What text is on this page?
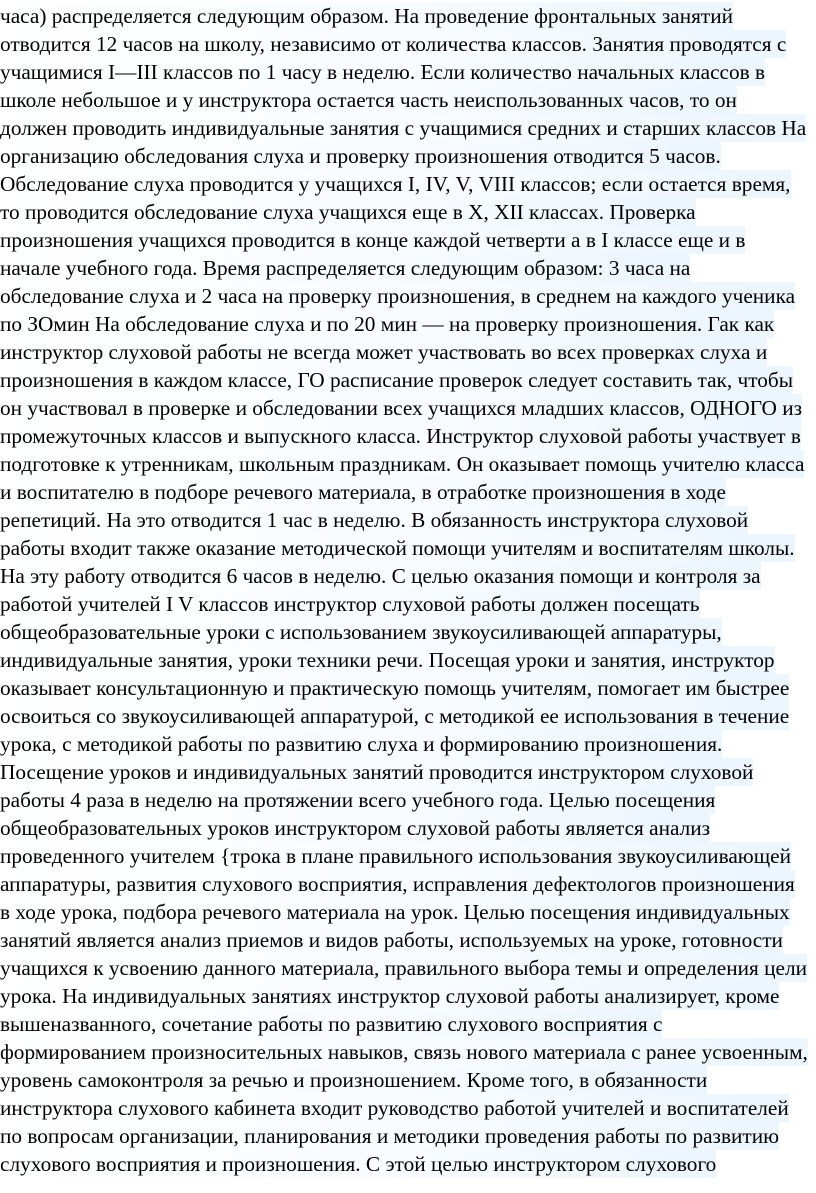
часа) распределяется следующим образом. На проведение фронтальных занятий
отводится 12 часов на школу, независимо от количества классов. Занятия проводятся с
учащимися I—III классов по 1 часу в неделю. Если количество начальных классов в
школе небольшое и у инструктора остается часть неиспользованных часов, то он
должен проводить индивидуальные занятия с учащимися средних и старших классов На
организацию обследования слуха и проверку произношения отводится 5 часов.
Обследование слуха проводится у учащихся I, IV, V, VIII классов; если остается время,
то проводится обследование слуха учащихся еще в X, XII классах. Проверка
произношения учащихся проводится в конце каждой четверти а в I классе еще и в
начале учебного года. Время распределяется следующим образом: 3 часа на
обследование слуха и 2 часа на проверку произношения, в среднем на каждого ученика
по ЗОмин На обследование слуха и по 20 мин — на проверку произношения. Гак как
инструктор слуховой работы не всегда может участвовать во всех проверках слуха и
произношения в каждом классе, ГО расписание проверок следует составить так, чтобы
он участвовал в проверке и обследовании всех учащихся младших классов, ОДНОГО из
промежуточных классов и выпускного класса. Инструктор слуховой работы участвует в
подготовке к утренникам, школьным праздникам. Он оказывает помощь учителю класса
и воспитателю в подборе речевого материала, в отработке произношения в ходе
репетиций. На это отводится 1 час в неделю. В обязанность инструктора слуховой
работы входит также оказание методической помощи учителям и воспитателям школы.
На эту работу отводится 6 часов в неделю. С целью оказания помощи и контроля за
работой учителей I V классов инструктор слуховой работы должен посещать
общеобразовательные уроки с использованием звукоусиливающей аппаратуры,
индивидуальные занятия, уроки техники речи. Посещая уроки и занятия, инструктор
оказывает консультационную и практическую помощь учителям, помогает им быстрее
освоиться со звукоусиливающей аппаратурой, с методикой ее использования в течение
урока, с методикой работы по развитию слуха и формированию произношения.
Посещение уроков и индивидуальных занятий проводится инструктором слуховой
работы 4 раза в неделю на протяжении всего учебного года. Целью посещения
общеобразовательных уроков инструктором слуховой работы является анализ
проведенного учителем {трока в плане правильного использования звукоусиливающей
аппаратуры, развития слухового восприятия, исправления дефектологов произношения
в ходе урока, подбора речевого материала на урок. Целью посещения индивидуальных
занятий является анализ приемов и видов работы, используемых на уроке, готовности
учащихся к усвоению данного материала, правильного выбора темы и определения цели
урока. На индивидуальных занятиях инструктор слуховой работы анализирует, кроме
вышеназванного, сочетание работы по развитию слухового восприятия с
формированием произносительных навыков, связь нового материала с ранее усвоенным,
уровень самоконтроля за речью и произношением. Кроме того, в обязанности
инструктора слухового кабинета входит руководство работой учителей и воспитателей
по вопросам организации, планирования и методики проведения работы по развитию
слухового восприятия и произношения. С этой целью инструктором слухового
